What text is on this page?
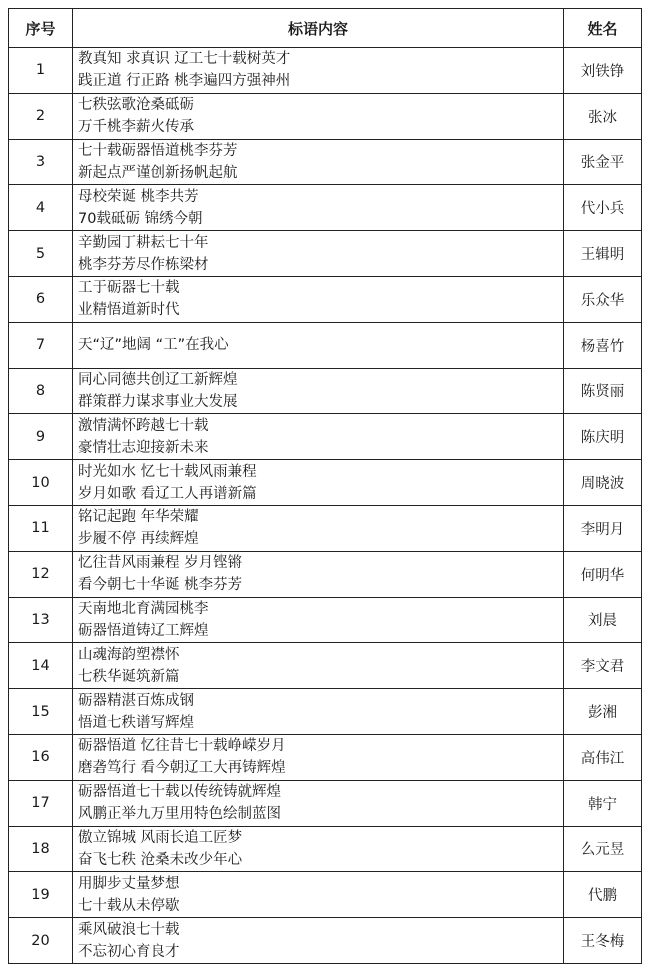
序号	标语内容	姓名
1	教真知 求真识 辽工七十载树英才
践正道 行正路 桃李遍四方强神州	刘铁铮
2	七秩弦歌沧桑砥砺
万千桃李薪火传承	张冰
3	七十载砺器悟道桃李芬芳
新起点严谨创新扬帆起航	张金平
4	母校荣诞 桃李共芳
70载砥砺 锦绣今朝	代小兵
5	辛勤园丁耕耘七十年
桃李芬芳尽作栋梁材	王辑明
6	工于砺器七十载
业精悟道新时代	乐众华
7	天“辽”地阔 “工”在我心	杨喜竹
8	同心同德共创辽工新辉煌
群策群力谋求事业大发展	陈贤丽
9	激情满怀跨越七十载
豪情壮志迎接新未来	陈庆明
10	时光如水 忆七十载风雨兼程
岁月如歌 看辽工人再谱新篇	周晓波
11	铭记起跑 年华荣耀
步履不停 再续辉煌	李明月
12	忆往昔风雨兼程 岁月铿锵
看今朝七十华诞 桃李芬芳	何明华
13	天南地北育满园桃李
砺器悟道铸辽工辉煌	刘晨
14	山魂海韵塑襟怀
七秩华诞筑新篇	李文君
15	砺器精湛百炼成钢
悟道七秩谱写辉煌	彭湘
16	砺器悟道 忆往昔七十载峥嵘岁月
磨砻笃行 看今朝辽工大再铸辉煌	高伟江
17	砺器悟道七十载以传统铸就辉煌
风鹏正举九万里用特色绘制蓝图	韩宁
18	傲立锦城 风雨长追工匠梦
奋飞七秩 沧桑未改少年心	么元昱
19	用脚步丈量梦想
七十载从未停歇	代鹏
20	乘风破浪七十载
不忘初心育良才	王冬梅
